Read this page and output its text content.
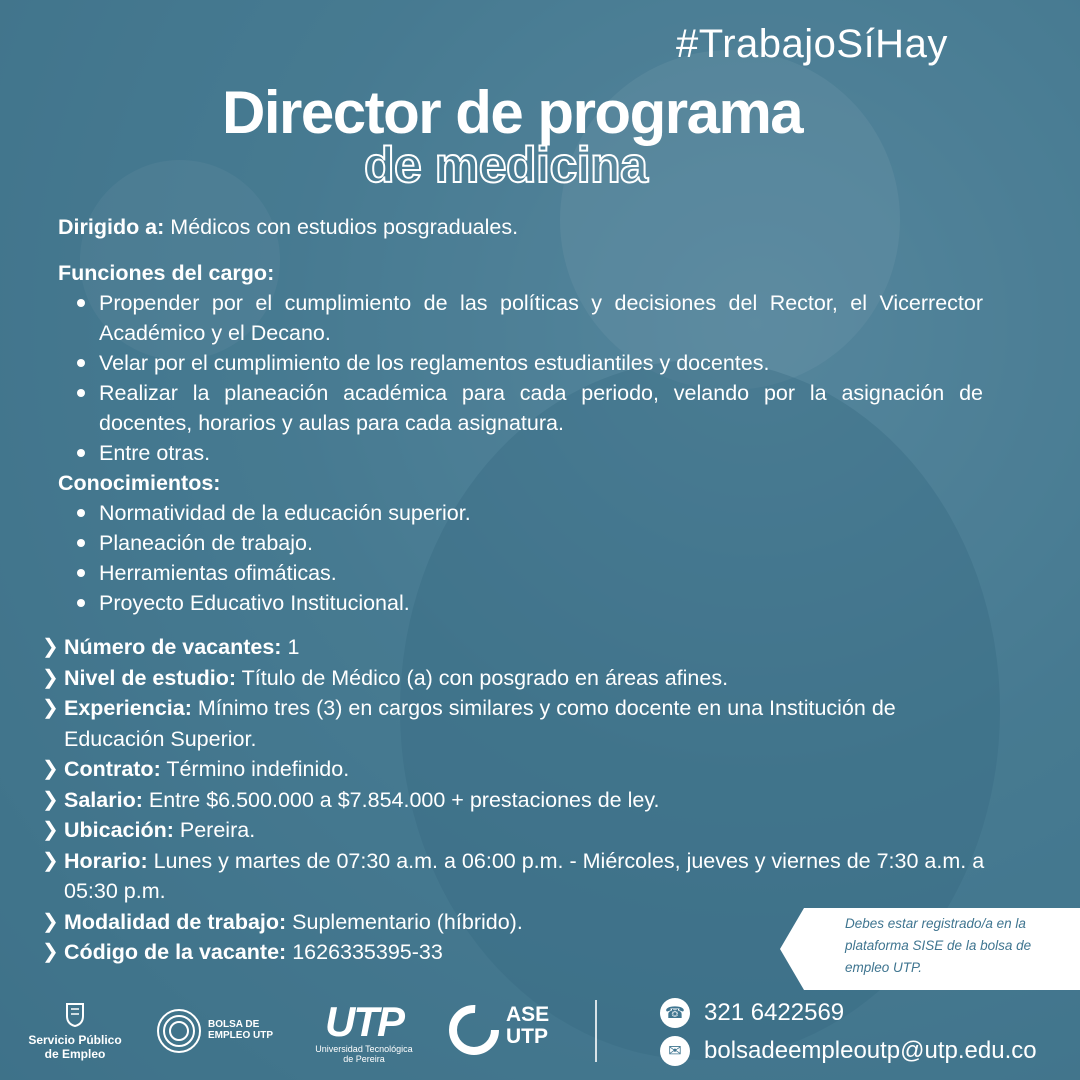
#TrabajoSíHay
Director de programa
de medicina

Dirigido a: Médicos con estudios posgraduales.

Funciones del cargo:

Propender por el cumplimiento de las políticas y decisiones del Rector, el Vicerrector Académico y el Decano.
Velar por el cumplimiento de los reglamentos estudiantiles y docentes.
Realizar la planeación académica para cada periodo, velando por la asignación de docentes, horarios y aulas para cada asignatura.
Entre otras.

Conocimientos:

Normatividad de la educación superior.
Planeación de trabajo.
Herramientas ofimáticas.
Proyecto Educativo Institucional.
❯ Número de vacantes: 1
❯ Nivel de estudio: Título de Médico (a) con posgrado en áreas afines.
❯ Experiencia: Mínimo tres (3) en cargos similares y como docente en una Institución de Educación Superior.
❯ Contrato: Término indefinido.
❯ Salario: Entre $6.500.000 a $7.854.000 + prestaciones de ley.
❯ Ubicación: Pereira.
❯ Horario: Lunes y martes de 07:30 a.m. a 06:00 p.m. - Miércoles, jueves y viernes de 7:30 a.m. a 05:30 p.m.
❯ Modalidad de trabajo: Suplementario (híbrido).
❯ Código de la vacante: 1626335395-33
Debes estar registrado/a en la plataforma SISE de la bolsa de empleo UTP.
Servicio Público de Empleo
BOLSA DE EMPLEO UTP	UTP
Universidad Tecnológica de Pereira
ASE
UTP
☎ 321 6422569
✉ bolsadeempleoutp@utp.edu.co
